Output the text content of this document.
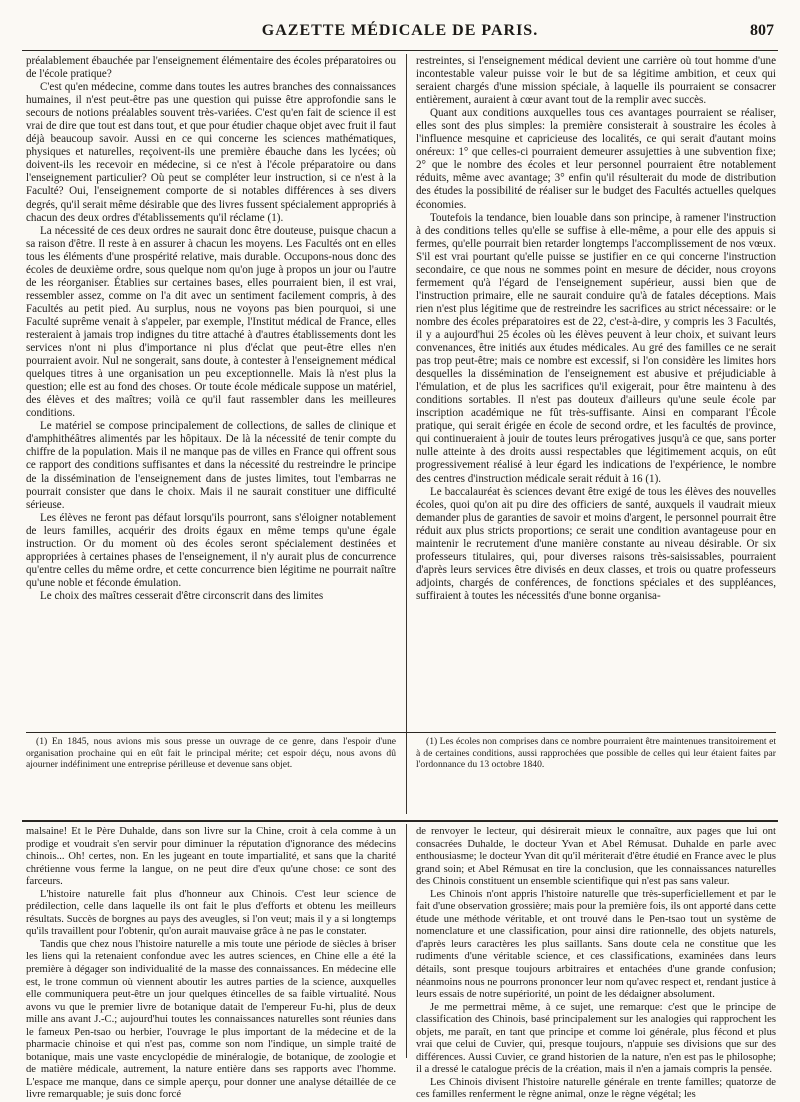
GAZETTE MÉDICALE DE PARIS.	807

préalablement ébauchée par l'enseignement élémentaire des écoles préparatoires ou de l'école pratique?

C'est qu'en médecine, comme dans toutes les autres branches des connaissances humaines, il n'est peut-être pas une question qui puisse être approfondie sans le secours de notions préalables souvent très-variées. C'est qu'en fait de science il est vrai de dire que tout est dans tout, et que pour étudier chaque objet avec fruit il faut déjà beaucoup savoir. Aussi en ce qui concerne les sciences mathématiques, physiques et naturelles, reçoivent-ils une première ébauche dans les lycées; où doivent-ils les recevoir en médecine, si ce n'est à l'école préparatoire ou dans l'enseignement particulier? Où peut se compléter leur instruction, si ce n'est à la Faculté? Oui, l'enseignement comporte de si notables différences à ses divers degrés, qu'il serait même désirable que des livres fussent spécialement appropriés à chacun des deux ordres d'établissements qu'il réclame (1).

La nécessité de ces deux ordres ne saurait donc être douteuse, puisque chacun a sa raison d'être. Il reste à en assurer à chacun les moyens. Les Facultés ont en elles tous les éléments d'une prospérité relative, mais durable. Occupons-nous donc des écoles de deuxième ordre, sous quelque nom qu'on juge à propos un jour ou l'autre de les réorganiser. Établies sur certaines bases, elles pourraient bien, il est vrai, ressembler assez, comme on l'a dit avec un sentiment facilement compris, à des Facultés au petit pied. Au surplus, nous ne voyons pas bien pourquoi, si une Faculté suprême venait à s'appeler, par exemple, l'Institut médical de France, elles resteraient à jamais trop indignes du titre attaché à d'autres établissements dont les services n'ont ni plus d'importance ni plus d'éclat que peut-être elles n'en pourraient avoir. Nul ne songerait, sans doute, à contester à l'enseignement médical quelques titres à une organisation un peu exceptionnelle. Mais là n'est plus la question; elle est au fond des choses. Or toute école médicale suppose un matériel, des élèves et des maîtres; voilà ce qu'il faut rassembler dans les meilleures conditions.

Le matériel se compose principalement de collections, de salles de clinique et d'amphithéâtres alimentés par les hôpitaux. De là la nécessité de tenir compte du chiffre de la population. Mais il ne manque pas de villes en France qui offrent sous ce rapport des conditions suffisantes et dans la nécessité du restreindre le principe de la dissémination de l'enseignement dans de justes limites, tout l'embarras ne pourrait consister que dans le choix. Mais il ne saurait constituer une difficulté sérieuse.

Les élèves ne feront pas défaut lorsqu'ils pourront, sans s'éloigner notablement de leurs familles, acquérir des droits égaux en même temps qu'une égale instruction. Or du moment où des écoles seront spécialement destinées et appropriées à certaines phases de l'enseignement, il n'y aurait plus de concurrence qu'entre celles du même ordre, et cette concurrence bien légitime ne pourrait naître qu'une noble et féconde émulation.

Le choix des maîtres cesserait d'être circonscrit dans des limites

restreintes, si l'enseignement médical devient une carrière où tout homme d'une incontestable valeur puisse voir le but de sa légitime ambition, et ceux qui seraient chargés d'une mission spéciale, à laquelle ils pourraient se consacrer entièrement, auraient à cœur avant tout de la remplir avec succès.

Quant aux conditions auxquelles tous ces avantages pourraient se réaliser, elles sont des plus simples: la première consisterait à soustraire les écoles à l'influence mesquine et capricieuse des localités, ce qui serait d'autant moins onéreux: 1° que celles-ci pourraient demeurer assujetties à une subvention fixe; 2° que le nombre des écoles et leur personnel pourraient être notablement réduits, même avec avantage; 3° enfin qu'il résulterait du mode de distribution des études la possibilité de réaliser sur le budget des Facultés actuelles quelques économies.

Toutefois la tendance, bien louable dans son principe, à ramener l'instruction à des conditions telles qu'elle se suffise à elle-même, a pour elle des appuis si fermes, qu'elle pourrait bien retarder longtemps l'accomplissement de nos vœux. S'il est vrai pourtant qu'elle puisse se justifier en ce qui concerne l'instruction secondaire, ce que nous ne sommes point en mesure de décider, nous croyons fermement qu'à l'égard de l'enseignement supérieur, aussi bien que de l'instruction primaire, elle ne saurait conduire qu'à de fatales déceptions. Mais rien n'est plus légitime que de restreindre les sacrifices au strict nécessaire: or le nombre des écoles préparatoires est de 22, c'est-à-dire, y compris les 3 Facultés, il y a aujourd'hui 25 écoles où les élèves peuvent à leur choix, et suivant leurs convenances, être initiés aux études médicales. Au gré des familles ce ne serait pas trop peut-être; mais ce nombre est excessif, si l'on considère les limites hors desquelles la dissémination de l'enseignement est abusive et préjudiciable à l'émulation, et de plus les sacrifices qu'il exigerait, pour être maintenu à des conditions sortables. Il n'est pas douteux d'ailleurs qu'une seule école par inscription académique ne fût très-suffisante. Ainsi en comparant l'École pratique, qui serait érigée en école de second ordre, et les facultés de province, qui continueraient à jouir de toutes leurs prérogatives jusqu'à ce que, sans porter nulle atteinte à des droits aussi respectables que légitimement acquis, on eût progressivement réalisé à leur égard les indications de l'expérience, le nombre des centres d'instruction médicale serait réduit à 16 (1).

Le baccalauréat ès sciences devant être exigé de tous les élèves des nouvelles écoles, quoi qu'on ait pu dire des officiers de santé, auxquels il vaudrait mieux demander plus de garanties de savoir et moins d'argent, le personnel pourrait être réduit aux plus stricts proportions; ce serait une condition avantageuse pour en maintenir le recrutement d'une manière constante au niveau désirable. Or six professeurs titulaires, qui, pour diverses raisons très-saisissables, pourraient d'après leurs services être divisés en deux classes, et trois ou quatre professeurs adjoints, chargés de conférences, de fonctions spéciales et des suppléances, suffiraient à toutes les nécessités d'une bonne organisa-

(1) En 1845, nous avions mis sous presse un ouvrage de ce genre, dans l'espoir d'une organisation prochaine qui en eût fait le principal mérite; cet espoir déçu, nous avons dû ajourner indéfiniment une entreprise périlleuse et devenue sans objet.

(1) Les écoles non comprises dans ce nombre pourraient être maintenues transitoirement et à de certaines conditions, aussi rapprochées que possible de celles qui leur étaient faites par l'ordonnance du 13 octobre 1840.

malsaine! Et le Père Duhalde, dans son livre sur la Chine, croit à cela comme à un prodige et voudrait s'en servir pour diminuer la réputation d'ignorance des médecins chinois... Oh! certes, non. En les jugeant en toute impartialité, et sans que la charité chrétienne vous ferme la langue, on ne peut dire d'eux qu'une chose: ce sont des farceurs.

L'histoire naturelle fait plus d'honneur aux Chinois. C'est leur science de prédilection, celle dans laquelle ils ont fait le plus d'efforts et obtenu les meilleurs résultats. Succès de borgnes au pays des aveugles, si l'on veut; mais il y a si longtemps qu'ils travaillent pour l'obtenir, qu'on aurait mauvaise grâce à ne pas le constater.

Tandis que chez nous l'histoire naturelle a mis toute une période de siècles à briser les liens qui la retenaient confondue avec les autres sciences, en Chine elle a été la première à dégager son individualité de la masse des connaissances. En médecine elle est, le trone commun où viennent aboutir les autres parties de la science, auxquelles elle communiquera peut-être un jour quelques étincelles de sa faible virtualité. Nous avons vu que le premier livre de botanique datait de l'empereur Fu-hi, plus de deux mille ans avant J.-C.; aujourd'hui toutes les connaissances naturelles sont réunies dans le fameux Pen-tsao ou herbier, l'ouvrage le plus important de la médecine et de la pharmacie chinoise et qui n'est pas, comme son nom l'indique, un simple traité de botanique, mais une vaste encyclopédie de minéralogie, de botanique, de zoologie et de matière médicale, autrement, la nature entière dans ses rapports avec l'homme. L'espace me manque, dans ce simple aperçu, pour donner une analyse détaillée de ce livre remarquable; je suis donc forcé

de renvoyer le lecteur, qui désirerait mieux le connaître, aux pages que lui ont consacrées Duhalde, le docteur Yvan et Abel Rémusat. Duhalde en parle avec enthousiasme; le docteur Yvan dit qu'il mériterait d'être étudié en France avec le plus grand soin; et Abel Rémusat en tire la conclusion, que les connaissances naturelles des Chinois constituent un ensemble scientifique qui n'est pas sans valeur.

Les Chinois n'ont appris l'histoire naturelle que très-superficiellement et par le fait d'une observation grossière; mais pour la première fois, ils ont apporté dans cette étude une méthode véritable, et ont trouvé dans le Pen-tsao tout un système de nomenclature et une classification, pour ainsi dire rationnelle, des objets naturels, d'après leurs caractères les plus saillants. Sans doute cela ne constitue que les rudiments d'une véritable science, et ces classifications, examinées dans leurs détails, sont presque toujours arbitraires et entachées d'une grande confusion; néanmoins nous ne pourrons prononcer leur nom qu'avec respect et, rendant justice à leurs essais de notre supériorité, un point de les dédaigner absolument.

Je me permettrai même, à ce sujet, une remarque: c'est que le principe de classification des Chinois, basé principalement sur les analogies qui rapprochent les objets, me paraît, en tant que principe et comme loi générale, plus fécond et plus vrai que celui de Cuvier, qui, presque toujours, n'appuie ses divisions que sur des différences. Aussi Cuvier, ce grand historien de la nature, n'en est pas le philosophe; il a dressé le catalogue précis de la création, mais il n'en a jamais compris la pensée.

Les Chinois divisent l'histoire naturelle générale en trente familles; quatorze de ces familles renferment le règne animal, onze le règne végétal; les
